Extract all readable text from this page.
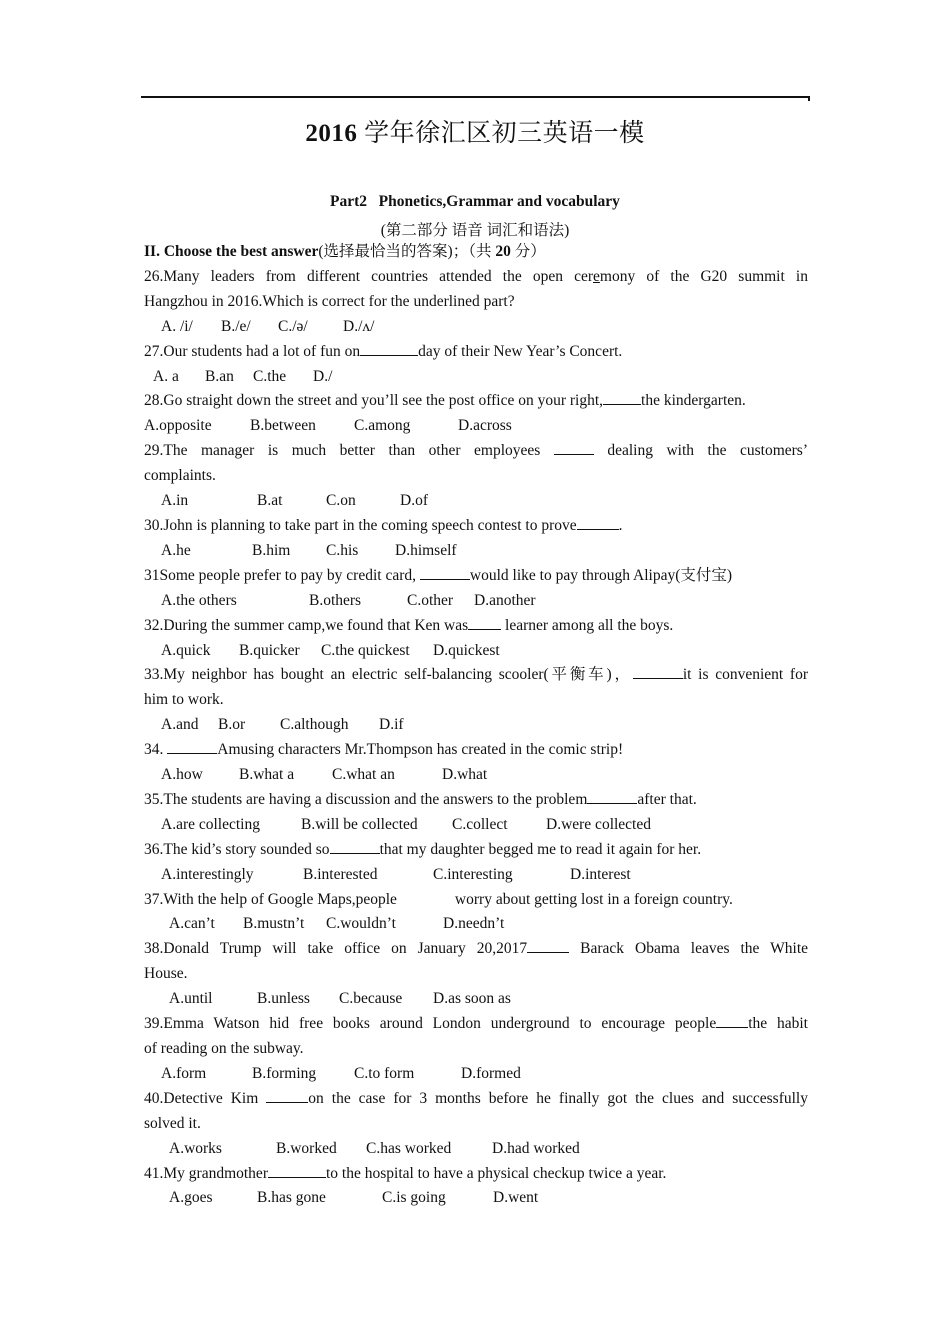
2016 学年徐汇区初三英语一模
Part2   Phonetics,Grammar and vocabulary
(第二部分 语音 词汇和语法)
II. Choose the best answer(选择最恰当的答案)；（共 20 分）
26.Many leaders from different countries attended the open ceremony of the G20 summit in
Hangzhou in 2016.Which is correct for the underlined part?
A. /i/ B./e/ C./ə/ D./ʌ/
27.Our students had a lot of fun on	day of their New Year’s Concert.
A. a B.an C.the D./
28.Go straight down the street and you’ll see the post office on your right, the kindergarten.
A.opposite B.between C.among	D.across
29.The manager is much better than other employees	dealing with the customers’
complaints.
A.in	B.at	C.on	D.of
30.John is planning to take part in the coming speech contest to prove	.
A.he	B.him C.his D.himself
31Some people prefer to pay by credit card,	would like to pay through Alipay(支付宝)
A.the others	B.others	C.other D.another
32.During the summer camp,we found that Ken was learner among all the boys.
A.quick B.quicker C.the quickest D.quickest
33.My neighbor has bought an electric self-balancing scooler(平衡车)，	it is convenient for
him to work.
A.and B.or C.although D.if
34.	Amusing characters Mr.Thompson has created in the comic strip!
A.how B.what a C.what an	D.what
35.The students are having a discussion and the answers to the problem	after that.
A.are collecting	B.will be collected C.collect D.were collected
36.The kid’s story sounded so	that my daughter begged me to read it again for her.
A.interestingly	B.interested	C.interesting	D.interest
37.With the help of Google Maps,people	worry about getting lost in a foreign country.
A.can’t B.mustn’t C.wouldn’t	D.needn’t
38.Donald Trump will take office on January 20,2017	Barack Obama leaves the White
House.
A.until	B.unless C.because D.as soon as
39.Emma Watson hid free books around London underground to encourage people the habit
of reading on the subway.
A.form	B.forming C.to form	D.formed
40.Detective Kim	on the case for 3 months before he finally got the clues and successfully
solved it.
A.works	B.worked C.has worked	D.had worked
41.My grandmother	to the hospital to have a physical checkup twice a year.
A.goes	B.has gone	C.is going	D.went
